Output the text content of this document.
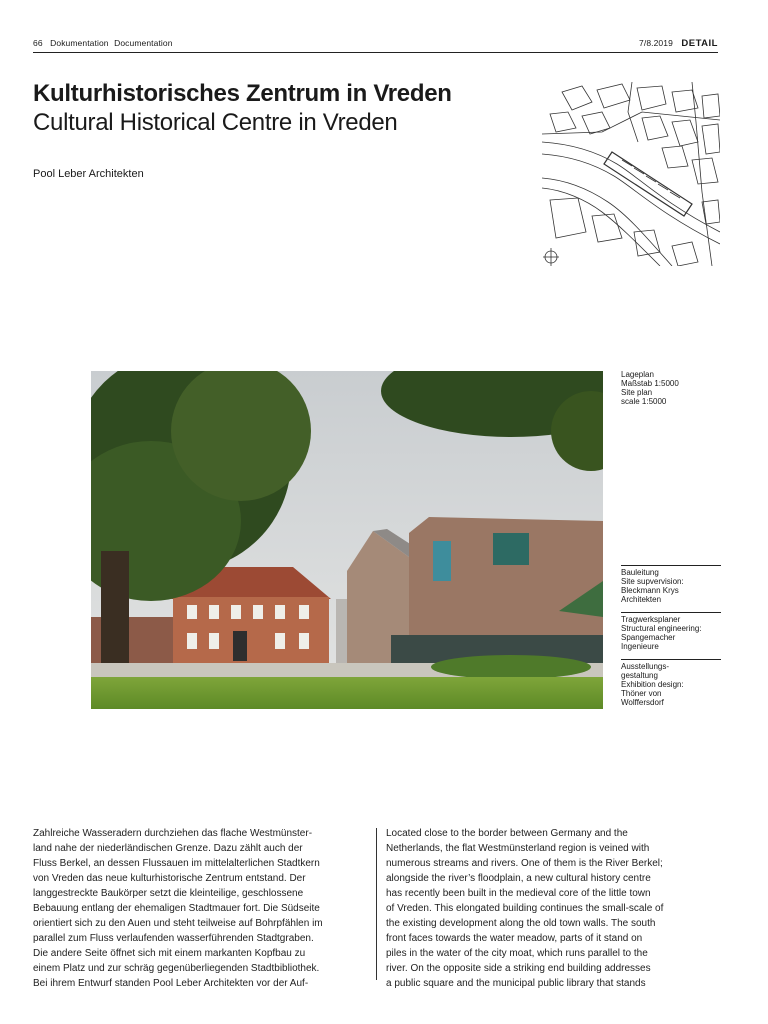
66 Dokumentation Documentation	7/8.2019 DETAIL
Kulturhistorisches Zentrum in Vreden
Cultural Historical Centre in Vreden
Pool Leber Architekten
Lageplan
Maßstab 1:5000
Site plan
scale 1:5000
Bauleitung
Site supvervision:
Bleckmann Krys
Architekten
Tragwerksplaner
Structural engineering:
Spangemacher
Ingenieure
Ausstellungs-
gestaltung
Exhibition design:
Thöner von
Wolffersdorf
Zahlreiche Wasseradern durchziehen das flache Westmünster-
land nahe der niederländischen Grenze. Dazu zählt auch der
Fluss Berkel, an dessen Flussauen im mittelalterlichen Stadtkern
von Vreden das neue kulturhistorische Zentrum entstand. Der
langgestreckte Baukörper setzt die kleinteilige, geschlossene
Bebauung entlang der ehemaligen Stadtmauer fort. Die Südseite
orientiert sich zu den Auen und steht teilweise auf Bohrpfählen im
parallel zum Fluss verlaufenden wasserführenden Stadtgraben.
Die andere Seite öffnet sich mit einem markanten Kopfbau zu
einem Platz und zur schräg gegenüberliegenden Stadtbibliothek.
Bei ihrem Entwurf standen Pool Leber Architekten vor der Auf-
Located close to the border between Germany and the
Netherlands, the flat Westmünsterland region is veined with
numerous streams and rivers. One of them is the River Berkel;
alongside the river’s floodplain, a new cultural history centre
has recently been built in the medieval core of the little town
of Vreden. This elongated building continues the small-scale of
the existing development along the old town walls. The south
front faces towards the water meadow, parts of it stand on
piles in the water of the city moat, which runs parallel to the
river. On the opposite side a striking end building addresses
a public square and the municipal public library that stands
